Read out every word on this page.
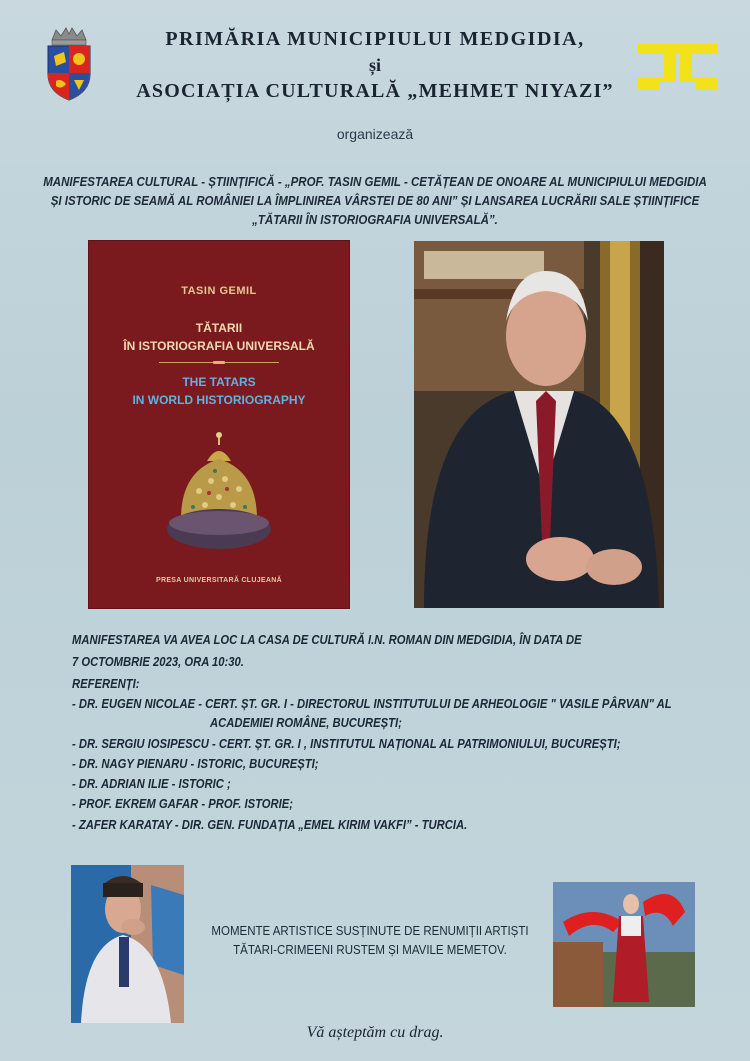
PRIMĂRIA MUNICIPIULUI MEDGIDIA,
și
ASOCIAȚIA CULTURALĂ „MEHMET NIYAZI”
organizează
MANIFESTAREA CULTURAL - ȘTIINȚIFICĂ - „PROF. TASIN GEMIL - CETĂȚEAN DE ONOARE AL MUNICIPIULUI MEDGIDIA
ȘI ISTORIC DE SEAMĂ AL ROMÂNIEI LA ÎMPLINIREA VÂRSTEI DE 80 ANI” ȘI LANSAREA LUCRĂRII SALE ȘTIINȚIFICE
„TĂTARII ÎN ISTORIOGRAFIA UNIVERSALĂ”.
TASIN GEMIL
TĂTARII
ÎN ISTORIOGRAFIA UNIVERSALĂ
THE TATARS
IN WORLD HISTORIOGRAPHY
PRESA UNIVERSITARĂ CLUJEANĂ
MANIFESTAREA VA AVEA LOC LA CASA DE CULTURĂ I.N. ROMAN DIN MEDGIDIA, ÎN DATA DE
7 OCTOMBRIE 2023, ORA 10:30.
REFERENȚI:
- DR. EUGEN NICOLAE - CERT. ȘT. GR. I - DIRECTORUL INSTITUTULUI DE ARHEOLOGIE " VASILE PÂRVAN" AL
ACADEMIEI ROMÂNE, BUCUREȘTI;
- DR. SERGIU IOSIPESCU - CERT. ȘT. GR. I , INSTITUTUL NAȚIONAL AL PATRIMONIULUI, BUCUREȘTI;
- DR. NAGY PIENARU - ISTORIC, BUCUREȘTI;
- DR. ADRIAN ILIE - ISTORIC ;
- PROF. EKREM GAFAR - PROF. ISTORIE;
- ZAFER KARATAY - DIR. GEN. FUNDAȚIA „EMEL KIRIM VAKFI” - TURCIA.
MOMENTE ARTISTICE SUSȚINUTE DE RENUMIȚII ARTIȘTI
TĂTARI-CRIMEENI RUSTEM ȘI MAVILE MEMETOV.
Vă așteptăm cu drag.
